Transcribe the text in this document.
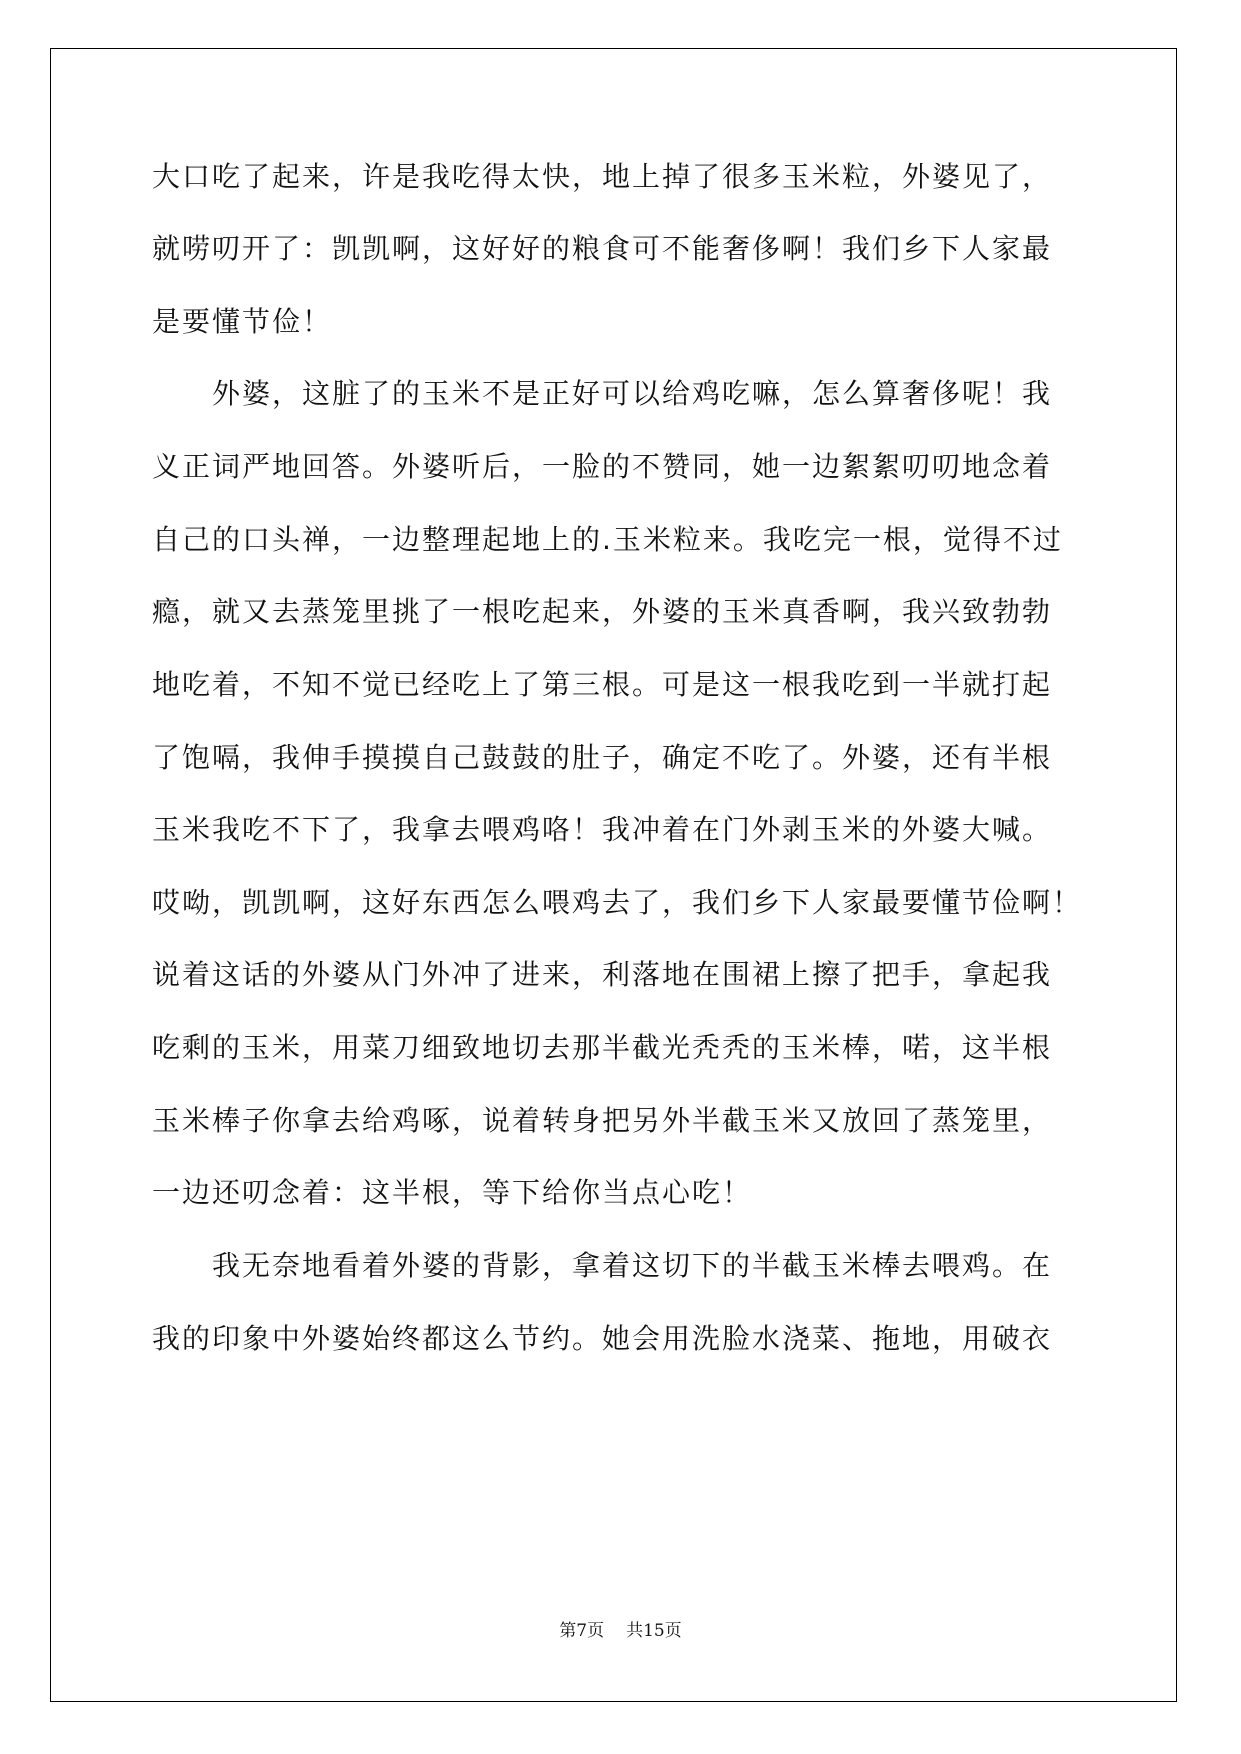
大口吃了起来，许是我吃得太快，地上掉了很多玉米粒，外婆见了，
就唠叨开了：凯凯啊，这好好的粮食可不能奢侈啊！我们乡下人家最
是要懂节俭！
　　外婆，这脏了的玉米不是正好可以给鸡吃嘛，怎么算奢侈呢！我
义正词严地回答。外婆听后，一脸的不赞同，她一边絮絮叨叨地念着
自己的口头禅，一边整理起地上的.玉米粒来。我吃完一根，觉得不过
瘾，就又去蒸笼里挑了一根吃起来，外婆的玉米真香啊，我兴致勃勃
地吃着，不知不觉已经吃上了第三根。可是这一根我吃到一半就打起
了饱嗝，我伸手摸摸自己鼓鼓的肚子，确定不吃了。外婆，还有半根
玉米我吃不下了，我拿去喂鸡咯！我冲着在门外剥玉米的外婆大喊。
哎呦，凯凯啊，这好东西怎么喂鸡去了，我们乡下人家最要懂节俭啊！
说着这话的外婆从门外冲了进来，利落地在围裙上擦了把手，拿起我
吃剩的玉米，用菜刀细致地切去那半截光秃秃的玉米棒，喏，这半根
玉米棒子你拿去给鸡啄，说着转身把另外半截玉米又放回了蒸笼里，
一边还叨念着：这半根，等下给你当点心吃！
　　我无奈地看着外婆的背影，拿着这切下的半截玉米棒去喂鸡。在
我的印象中外婆始终都这么节约。她会用洗脸水浇菜、拖地，用破衣
第7页 共15页
